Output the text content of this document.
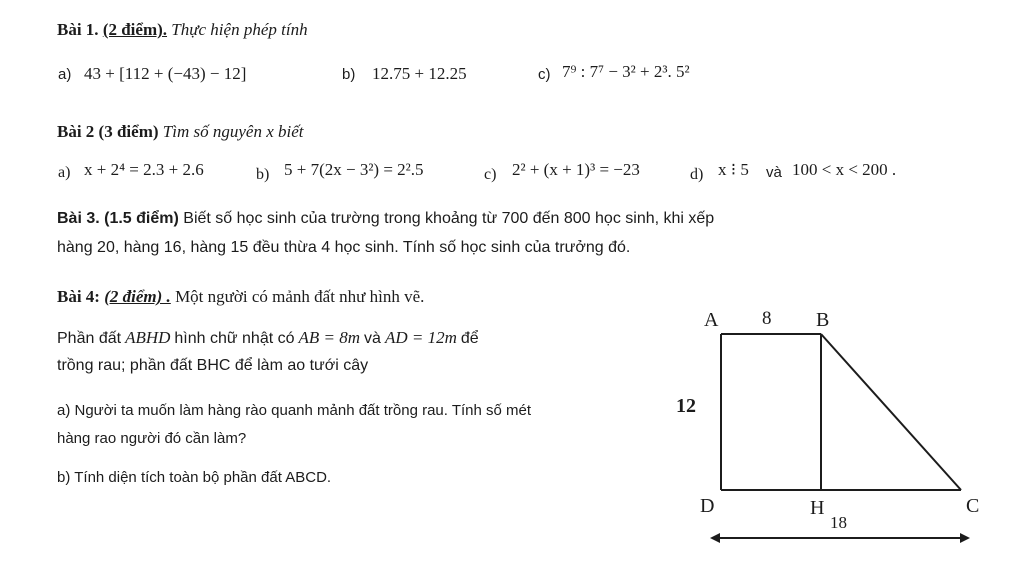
Bài 1. (2 điểm). Thực hiện phép tính
a) 43 + [112 + (−43) − 12]	b) 12.75 + 12.25	c) 7⁹ : 7⁷ − 3² + 2³. 5²
Bài 2 (3 điểm) Tìm số nguyên x biết
a) x + 2⁴ = 2.3 + 2.6	b) 5 + 7(2x − 3²) = 2².5	c) 2² + (x + 1)³ = −23	d) x ⁝ 5 và 100 < x < 200 .
Bài 3. (1.5 điểm) Biết số học sinh của trường trong khoảng từ 700 đến 800 học sinh, khi xếp
hàng 20, hàng 16, hàng 15 đều thừa 4 học sinh. Tính số học sinh của trưởng đó.
Bài 4: (2 điểm) . Một người có mảnh đất như hình vẽ.
Phần đất ABHD hình chữ nhật có AB = 8m và AD = 12m để
trồng rau; phần đất BHC để làm ao tưới cây
a) Người ta muốn làm hàng rào quanh mảnh đất trồng rau. Tính số mét
hàng rao người đó cần làm?
b) Tính diện tích toàn bộ phần đất ABCD.
A 8 B
12
D	H
18
C
